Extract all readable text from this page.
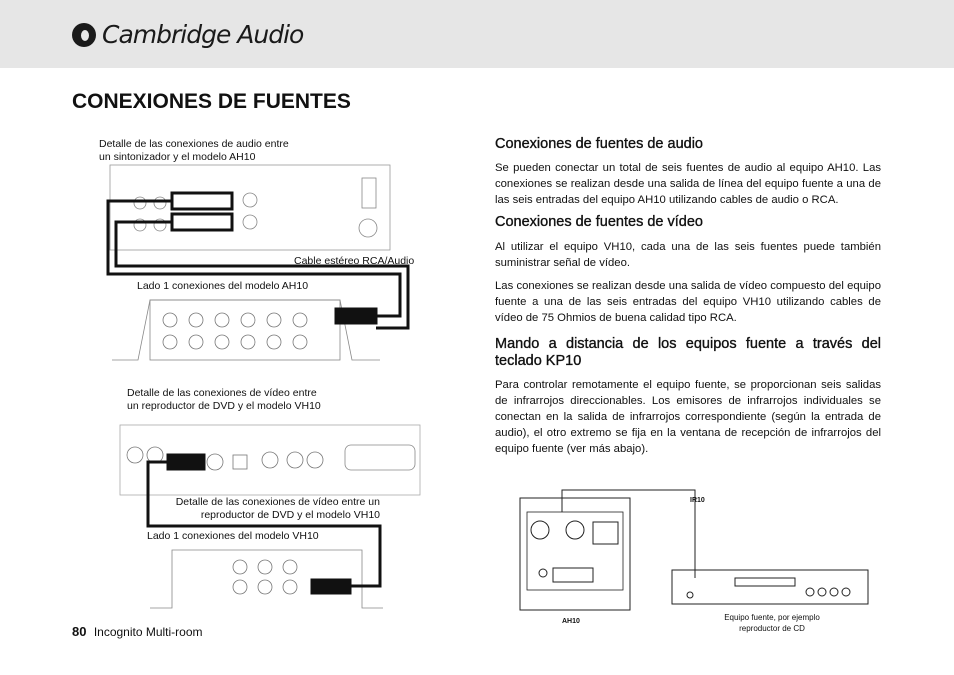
Cambridge Audio
CONEXIONES DE FUENTES
Detalle de las conexiones de audio entre un sintonizador y el modelo AH10
Cable estéreo RCA/Audio
Lado 1 conexiones del modelo AH10
Detalle de las conexiones de vídeo entre un reproductor de DVD y el modelo VH10
Detalle de las conexiones de vídeo entre un reproductor de DVD y el modelo VH10
Lado 1 conexiones del modelo VH10
IR10
AH10	Equipo fuente, por ejemplo reproductor de CD
Conexiones de fuentes de audio

Se pueden conectar un total de seis fuentes de audio al equipo AH10. Las conexiones se realizan desde una salida de línea del equipo fuente a una de las seis entradas del equipo AH10 utilizando cables de audio o RCA.

Conexiones de fuentes de vídeo

Al utilizar el equipo VH10, cada una de las seis fuentes puede también suministrar señal de vídeo.

Las conexiones se realizan desde una salida de vídeo compuesto del equipo fuente a una de las seis entradas del equipo VH10 utilizando cables de vídeo de 75 Ohmios de buena calidad tipo RCA.

Mando a distancia de los equipos fuente a través del teclado KP10

Para controlar remotamente el equipo fuente, se proporcionan seis salidas de infrarrojos direccionables. Los emisores de infrarrojos individuales se conectan en la salida de infrarrojos correspondiente (según la entrada de audio), el otro extremo se fija en la ventana de recepción de infrarrojos del equipo fuente (ver más abajo).

80 Incognito Multi-room
